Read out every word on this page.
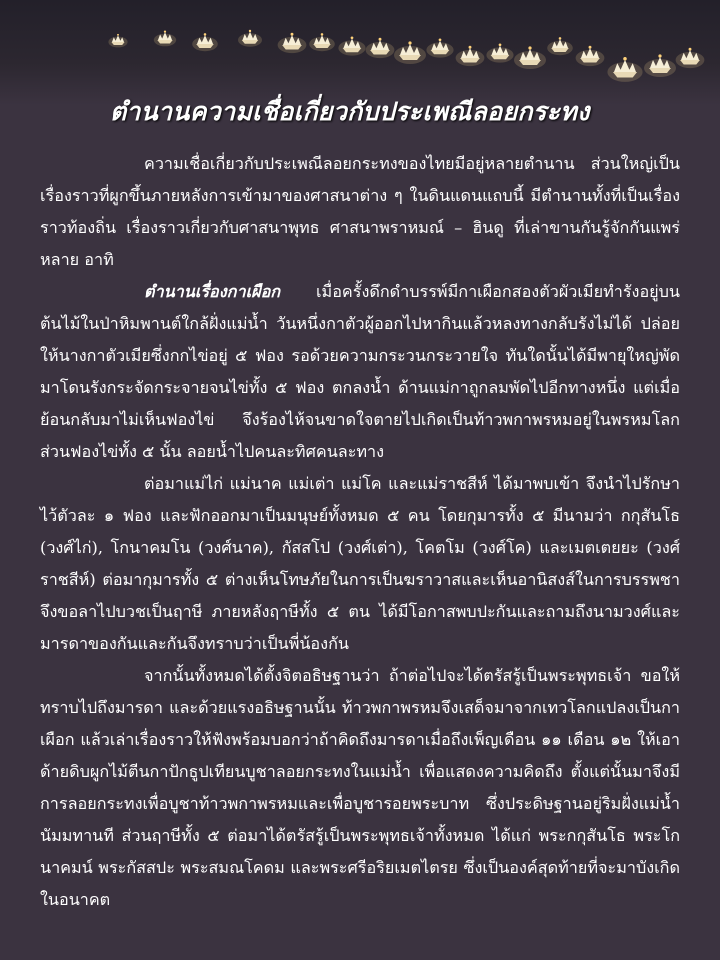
ตำนานความเชื่อเกี่ยวกับประเพณีลอยกระทง

ความเชื่อเกี่ยวกับประเพณีลอยกระทงของไทยมีอยู่หลายตำนาน ส่วนใหญ่เป็นเรื่องราวที่ผูกขึ้นภายหลังการเข้ามาของศาสนาต่าง ๆ ในดินแดนแถบนี้ มีตำนานทั้งที่เป็นเรื่องราวท้องถิ่น เรื่องราวเกี่ยวกับศาสนาพุทธ ศาสนาพราหมณ์ – ฮินดู ที่เล่าขานกันรู้จักกันแพร่หลาย อาทิ

ตำนานเรื่องกาเผือก เมื่อครั้งดึกดำบรรพ์มีกาเผือกสองตัวผัวเมียทำรังอยู่บนต้นไม้ในป่าหิมพานต์ใกล้ฝั่งแม่น้ำ วันหนึ่งกาตัวผู้ออกไปหากินแล้วหลงทางกลับรังไม่ได้ ปล่อยให้นางกาตัวเมียซึ่งกกไข่อยู่ ๕ ฟอง รอด้วยความกระวนกระวายใจ ทันใดนั้นได้มีพายุใหญ่พัดมาโดนรังกระจัดกระจายจนไข่ทั้ง ๕ ฟอง ตกลงน้ำ ด้านแม่กาถูกลมพัดไปอีกทางหนึ่ง แต่เมื่อย้อนกลับมาไม่เห็นฟองไข่ จึงร้องไห้จนขาดใจตายไปเกิดเป็นท้าวพกาพรหมอยู่ในพรหมโลก ส่วนฟองไข่ทั้ง ๕ นั้น ลอยน้ำไปคนละทิศคนละทาง

ต่อมาแม่ไก่ แม่นาค แม่เต่า แม่โค และแม่ราชสีห์ ได้มาพบเข้า จึงนำไปรักษาไว้ตัวละ ๑ ฟอง และฟักออกมาเป็นมนุษย์ทั้งหมด ๕ คน โดยกุมารทั้ง ๕ มีนามว่า กกุสันโธ (วงศ์ไก่), โกนาคมโน (วงศ์นาค), กัสสโป (วงศ์เต่า), โคตโม (วงศ์โค) และเมตเตยยะ (วงศ์ราชสีห์) ต่อมากุมารทั้ง ๕ ต่างเห็นโทษภัยในการเป็นฆราวาสและเห็นอานิสงส์ในการบรรพชา จึงขอลาไปบวชเป็นฤาษี ภายหลังฤาษีทั้ง ๕ ตน ได้มีโอกาสพบปะกันและถามถึงนามวงศ์และมารดาของกันและกันจึงทราบว่าเป็นพี่น้องกัน

จากนั้นทั้งหมดได้ตั้งจิตอธิษฐานว่า ถ้าต่อไปจะได้ตรัสรู้เป็นพระพุทธเจ้า ขอให้ทราบไปถึงมารดา และด้วยแรงอธิษฐานนั้น ท้าวพกาพรหมจึงเสด็จมาจากเทวโลกแปลงเป็นกาเผือก แล้วเล่าเรื่องราวให้ฟังพร้อมบอกว่าถ้าคิดถึงมารดาเมื่อถึงเพ็ญเดือน ๑๑ เดือน ๑๒ ให้เอาด้ายดิบผูกไม้ตีนกาปักธูปเทียนบูชาลอยกระทงในแม่น้ำ เพื่อแสดงความคิดถึง ตั้งแต่นั้นมาจึงมีการลอยกระทงเพื่อบูชาท้าวพกาพรหมและเพื่อบูชารอยพระบาท ซึ่งประดิษฐานอยู่ริมฝั่งแม่น้ำนัมมทานที ส่วนฤาษีทั้ง ๕ ต่อมาได้ตรัสรู้เป็นพระพุทธเจ้าทั้งหมด ได้แก่ พระกกุสันโธ พระโกนาคมน์ พระกัสสปะ พระสมณโคดม และพระศรีอริยเมตไตรย ซึ่งเป็นองค์สุดท้ายที่จะมาบังเกิดในอนาคต
